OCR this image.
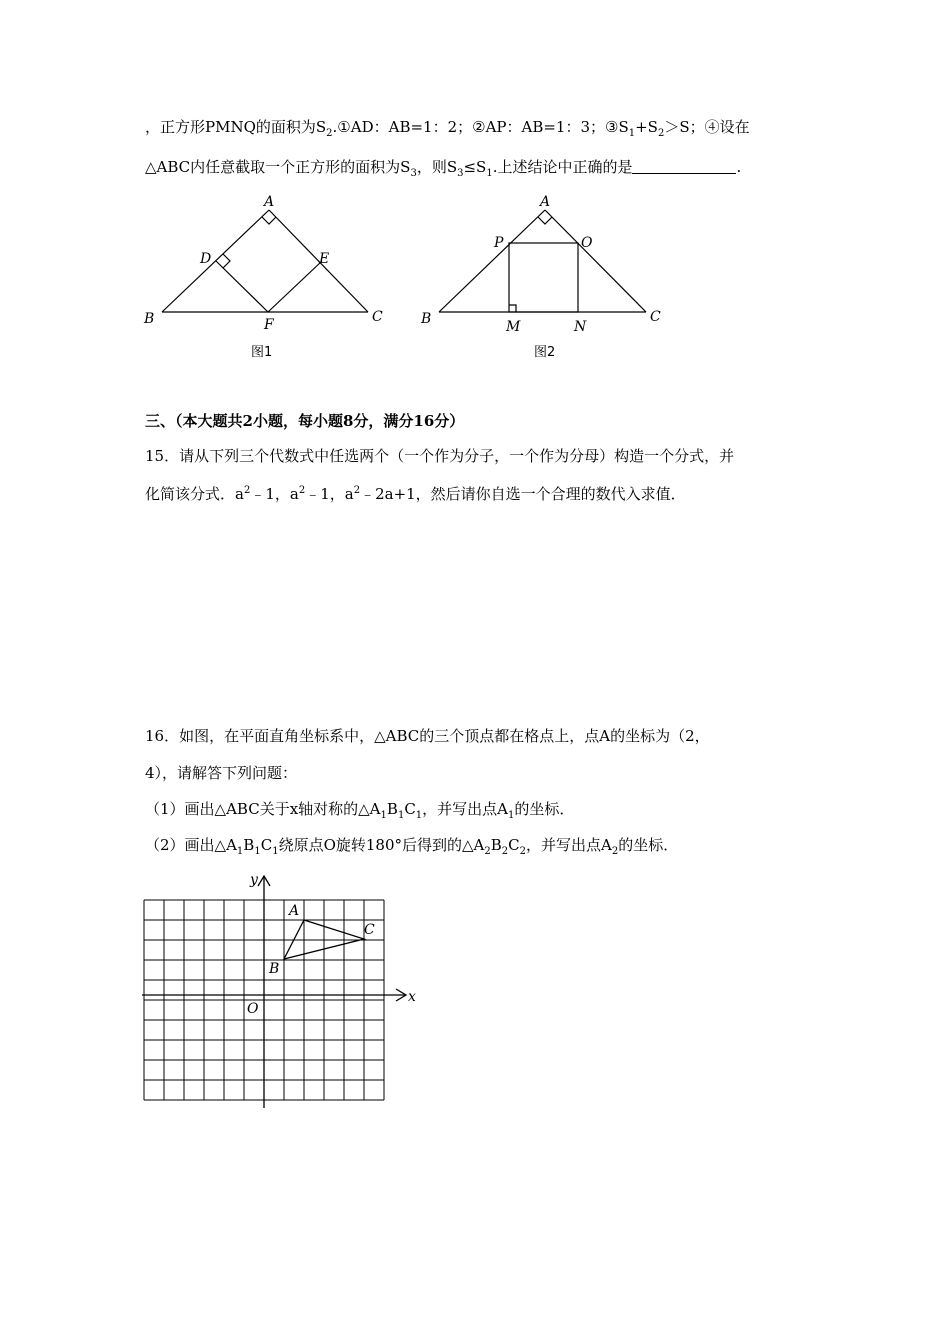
，正方形PMNQ的面积为$S_2.①AD$：AB=1：2；②AP：AB=1：3；$③S_1+S_2>S$；④设在
△ABC内任意截取一个正方形的面积为$S_3$，则$S_3\le S_1$.上述结论中正确的是	.
A
D	E
B	F	C
图1
A
P	O
B	M	N
C
图2
三、（本大题共2小题，每小题8分，满分16分）
15．请从下列三个代数式中任选两个（一个作为分子，一个作为分母）构造一个分式，并
化简该分式．$a^2﹣1$，$a^2﹣1$，$a^2﹣2a+1$，然后请你自选一个合理的数代入求值．
16．如图，在平面直角坐标系中，△ABC的三个顶点都在格点上，点A的坐标为（2，
4），请解答下列问题：
（1）画出△ABC关于x轴对称的$\triangle A_1B_1C_1$，并写出点$A_1$的坐标．
（2）画出$\triangle A_1B_1C_1$绕原点O旋转180°后得到的$\triangle A_2B_2C_2$，并写出点$A_2$的坐标．
y
x
O
A
B
C
